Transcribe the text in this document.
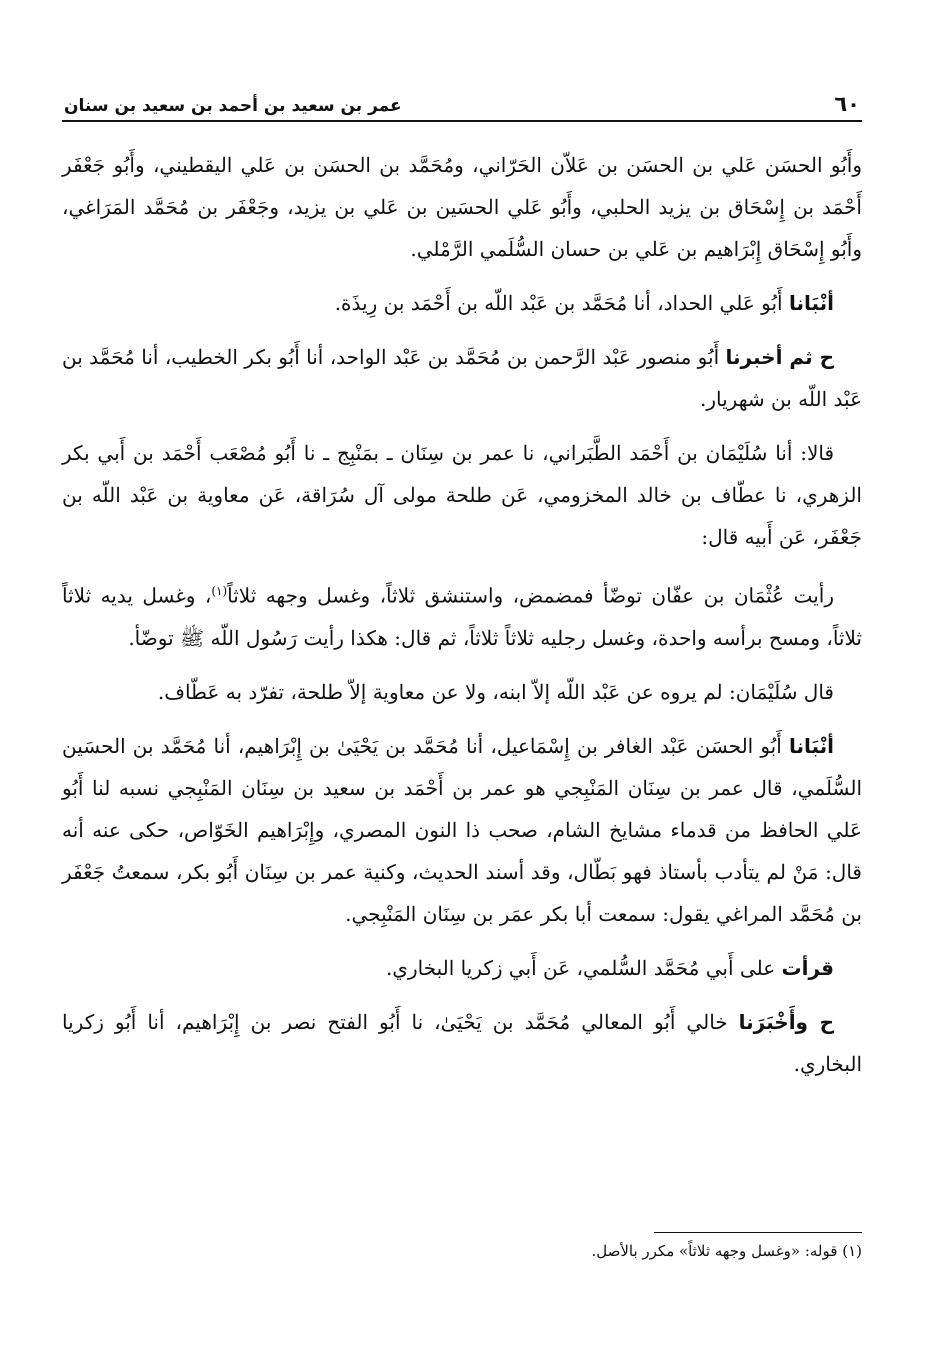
٦٠
عمر بن سعيد بن أحمد بن سعيد بن سنان

وأَبُو الحسَن عَلي بن الحسَن بن عَلاّن الحَرّاني، ومُحَمَّد بن الحسَن بن عَلي اليقطيني، وأَبُو جَعْفَر أَحْمَد بن إِسْحَاق بن يزيد الحلبي، وأَبُو عَلي الحسَين بن عَلي بن يزيد، وجَعْفَر بن مُحَمَّد المَرَاغي، وأَبُو إِسْحَاق إِبْرَاهيم بن عَلي بن حسان السُّلَمي الرَّمْلي.

أنْبَانا أَبُو عَلي الحداد، أنا مُحَمَّد بن عَبْد اللّه بن أَحْمَد بن رِيذَة.

ح ثم أخبرنا أَبُو منصور عَبْد الرَّحمن بن مُحَمَّد بن عَبْد الواحد، أنا أَبُو بكر الخطيب، أنا مُحَمَّد بن عَبْد اللّه بن شهريار.

قالا: أنا سُلَيْمَان بن أَحْمَد الطَّبَراني، نا عمر بن سِنَان ـ بمَنْبِج ـ نا أَبُو مُصْعَب أَحْمَد بن أَبي بكر الزهري، نا عطّاف بن خالد المخزومي، عَن طلحة مولى آل سُرَاقة، عَن معاوية بن عَبْد اللّه بن جَعْفَر، عَن أَبيه قال:

رأيت عُثْمَان بن عفّان توضّأ فمضمض، واستنشق ثلاثاً، وغسل وجهه ثلاثاً$^{(١)}$، وغسل يديه ثلاثاً ثلاثاً، ومسح برأسه واحدة، وغسل رجليه ثلاثاً ثلاثاً، ثم قال: هكذا رأيت رَسُول اللّه ﷺ توضّأ.

قال سُلَيْمَان: لم يروه عن عَبْد اللّه إلاّ ابنه، ولا عن معاوية إلاّ طلحة، تفرّد به عَطّاف.

أنْبَانا أَبُو الحسَن عَبْد الغافر بن إِسْمَاعيل، أنا مُحَمَّد بن يَحْيَىٰ بن إِبْرَاهيم، أنا مُحَمَّد بن الحسَين السُّلَمي، قال عمر بن سِنَان المَنْبِجي هو عمر بن أَحْمَد بن سعيد بن سِنَان المَنْبِجي نسبه لنا أَبُو عَلي الحافظ من قدماء مشايخ الشام، صحب ذا النون المصري، وإِبْرَاهيم الخَوّاص، حكى عنه أنه قال: مَنْ لم يتأدب بأستاذ فهو بَطّال، وقد أسند الحديث، وكنية عمر بن سِنَان أَبُو بكر، سمعتُ جَعْفَر بن مُحَمَّد المراغي يقول: سمعت أبا بكر عمَر بن سِنَان المَنْبِجي.

قرأت على أَبي مُحَمَّد السُّلمي، عَن أَبي زكريا البخاري.

ح وأَخْبَرَنا خالي أَبُو المعالي مُحَمَّد بن يَحْيَىٰ، نا أَبُو الفتح نصر بن إِبْرَاهيم، أنا أَبُو زكريا البخاري.

(١) قوله: «وغسل وجهه ثلاثاً» مكرر بالأصل.
